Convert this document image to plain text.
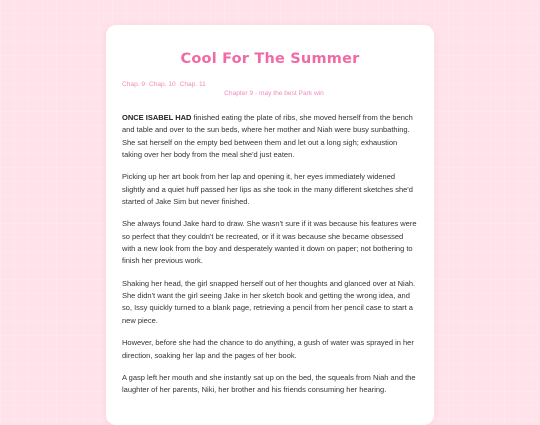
Cool For The Summer
Chap. 9 Chap. 10 Chap. 11
Chapter 9 - may the best Park win

ONCE ISABEL HAD finished eating the plate of ribs, she moved herself from the bench and table and over to the sun beds, where her mother and Niah were busy sunbathing. She sat herself on the empty bed between them and let out a long sigh; exhaustion taking over her body from the meal she'd just eaten.

Picking up her art book from her lap and opening it, her eyes immediately widened slightly and a quiet huff passed her lips as she took in the many different sketches she'd started of Jake Sim but never finished.

She always found Jake hard to draw. She wasn't sure if it was because his features were so perfect that they couldn't be recreated, or if it was because she became obsessed with a new look from the boy and desperately wanted it down on paper; not bothering to finish her previous work.

Shaking her head, the girl snapped herself out of her thoughts and glanced over at Niah. She didn't want the girl seeing Jake in her sketch book and getting the wrong idea, and so, Issy quickly turned to a blank page, retrieving a pencil from her pencil case to start a new piece.

However, before she had the chance to do anything, a gush of water was sprayed in her direction, soaking her lap and the pages of her book.

A gasp left her mouth and she instantly sat up on the bed, the squeals from Niah and the laughter of her parents, Niki, her brother and his friends consuming her hearing.
